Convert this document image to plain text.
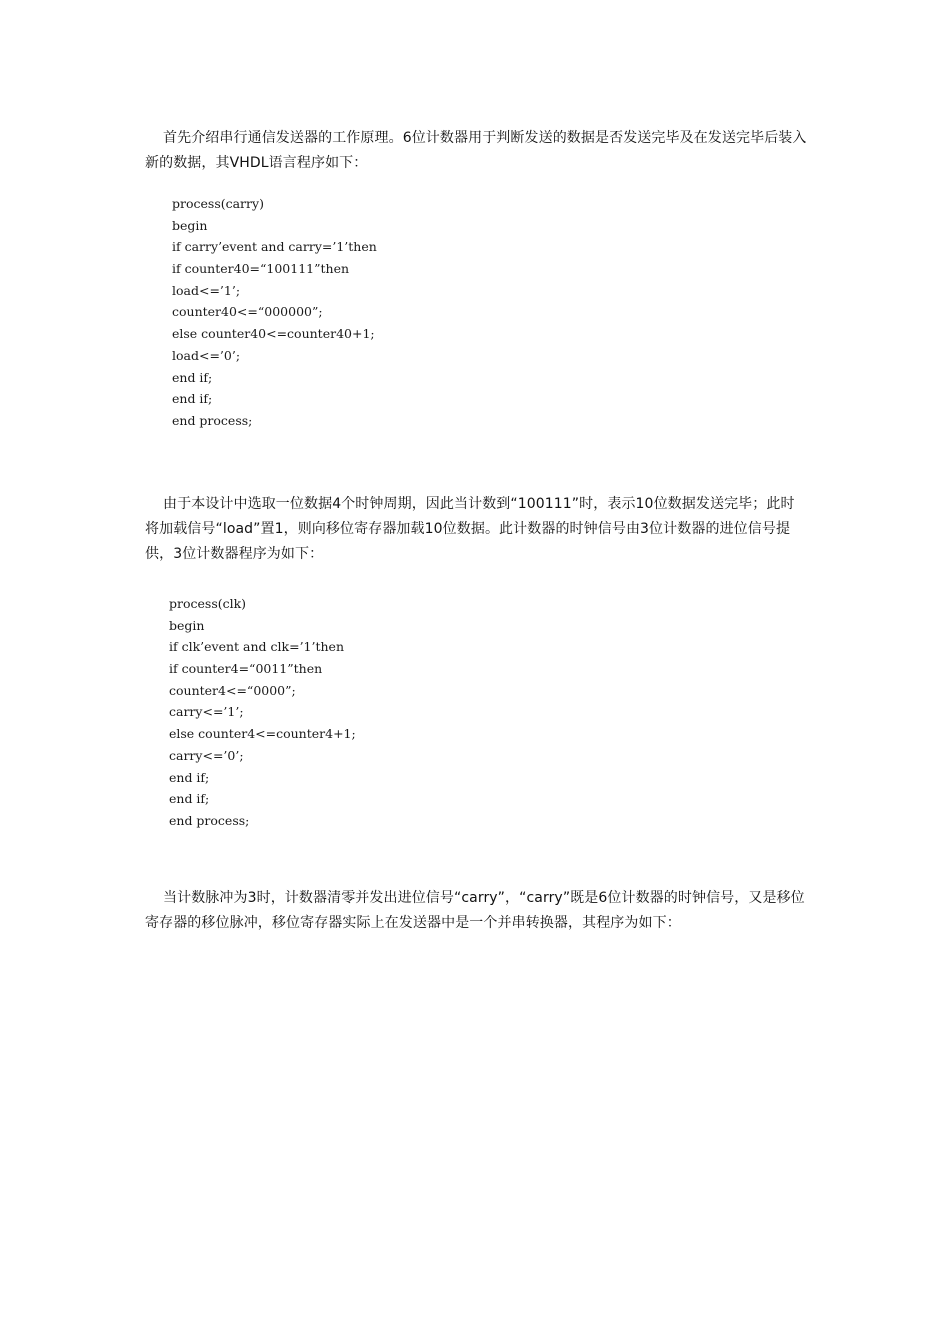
首先介绍串行通信发送器的工作原理。6位计数器用于判断发送的数据是否发送完毕及在发送完毕后装入新的数据，其VHDL语言程序如下：

process(carry)
begin
if carry’event and carry=’1’then
if counter40=“100111”then
load<=’1’;
counter40<=“000000”;
else counter40<=counter40+1;
load<=’0’;
end if;
end if;
end process;

由于本设计中选取一位数据4个时钟周期，因此当计数到“100111”时，表示10位数据发送完毕；此时将加载信号“load”置1，则向移位寄存器加载10位数据。此计数器的时钟信号由3位计数器的进位信号提供，3位计数器程序为如下：

process(clk)
begin
if clk’event and clk=’1’then
if counter4=“0011”then
counter4<=“0000”;
carry<=’1’;
else counter4<=counter4+1;
carry<=’0’;
end if;
end if;
end process;

当计数脉冲为3时，计数器清零并发出进位信号“carry”，“carry”既是6位计数器的时钟信号，又是移位寄存器的移位脉冲，移位寄存器实际上在发送器中是一个并串转换器，其程序为如下：
